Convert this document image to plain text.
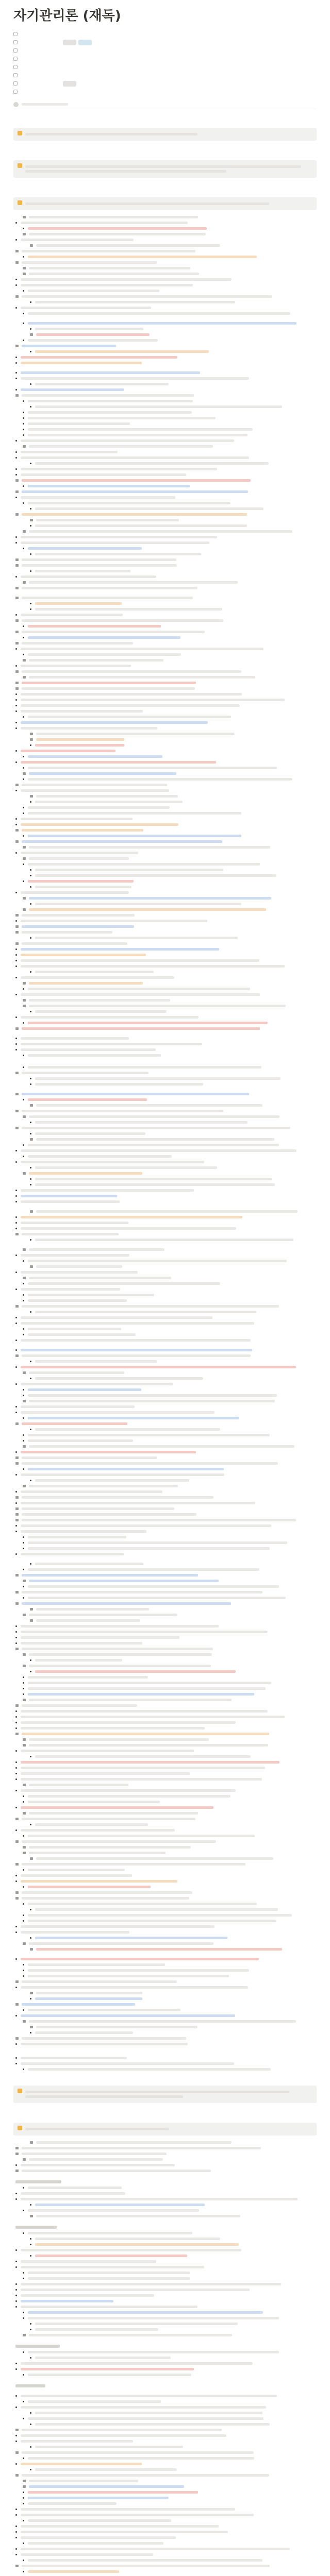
자기관리론 (재독)
